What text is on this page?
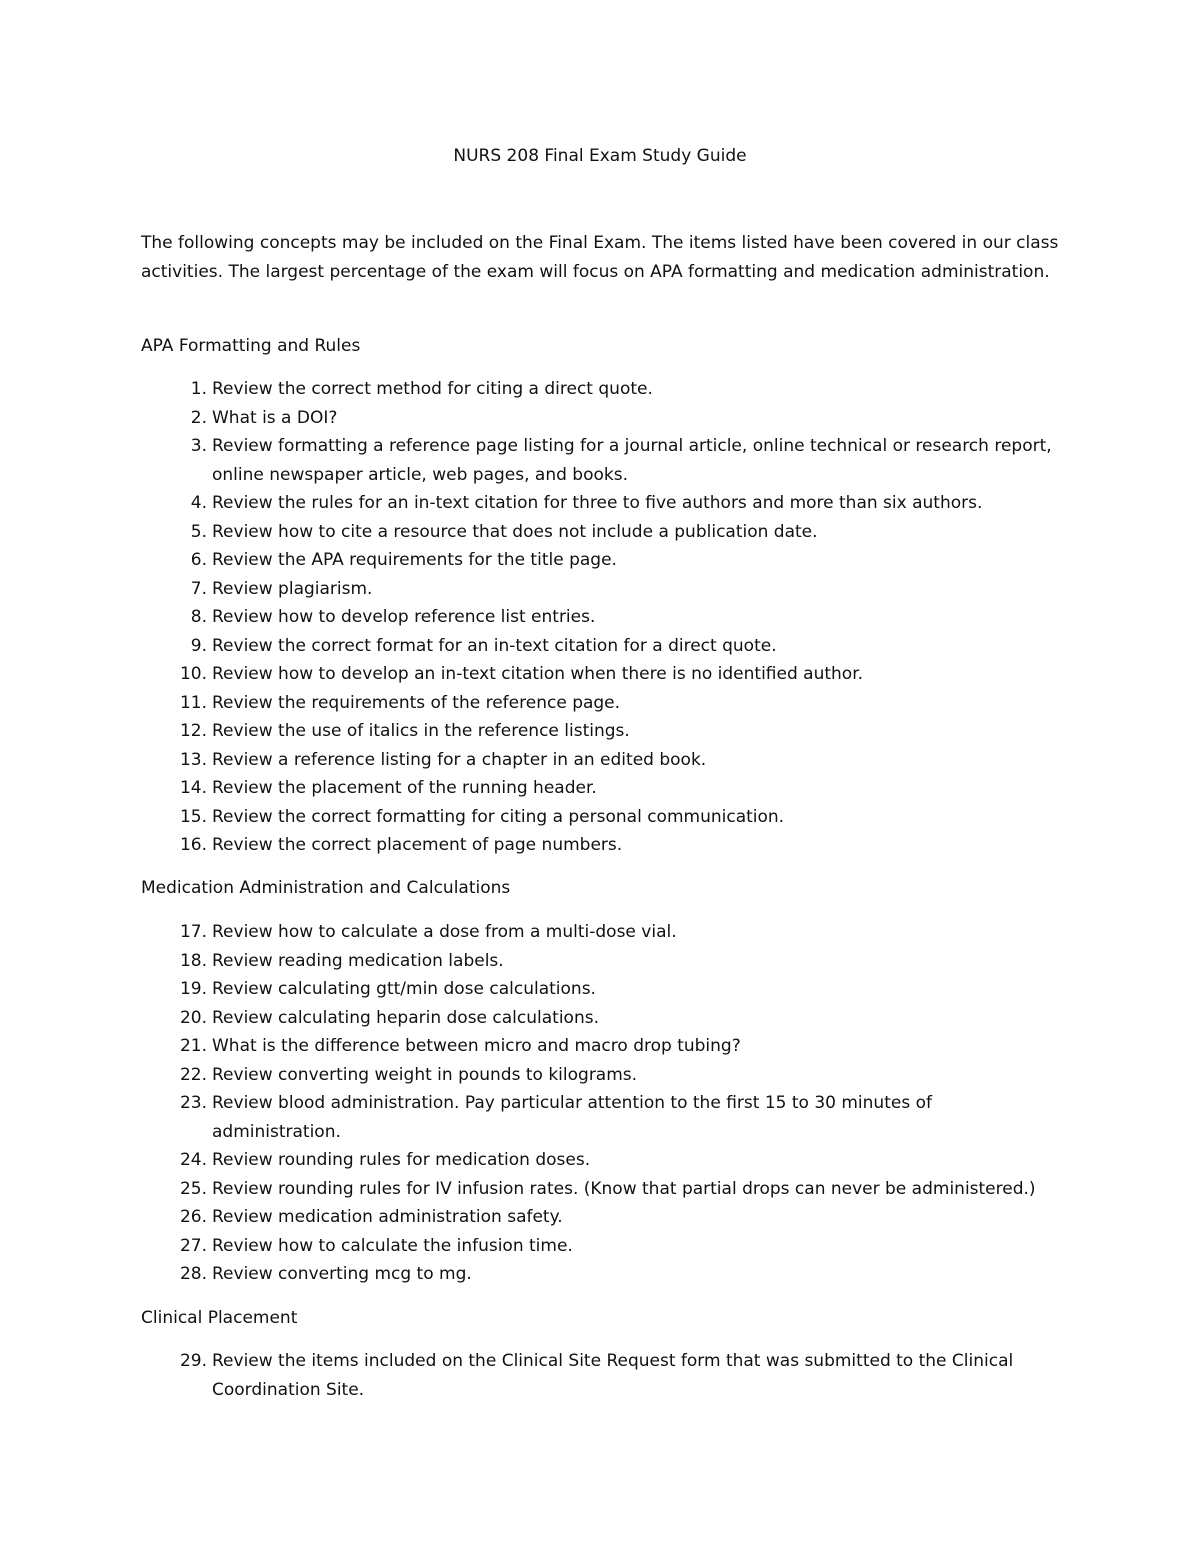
NURS 208 Final Exam Study Guide
The following concepts may be included on the Final Exam. The items listed have been covered in our class activities. The largest percentage of the exam will focus on APA formatting and medication administration.
APA Formatting and Rules
1. Review the correct method for citing a direct quote.
2. What is a DOI?
3. Review formatting a reference page listing for a journal article, online technical or research report, online newspaper article, web pages, and books.
4. Review the rules for an in-text citation for three to five authors and more than six authors.
5. Review how to cite a resource that does not include a publication date.
6. Review the APA requirements for the title page.
7. Review plagiarism.
8. Review how to develop reference list entries.
9. Review the correct format for an in-text citation for a direct quote.
10. Review how to develop an in-text citation when there is no identified author.
11. Review the requirements of the reference page.
12. Review the use of italics in the reference listings.
13. Review a reference listing for a chapter in an edited book.
14. Review the placement of the running header.
15. Review the correct formatting for citing a personal communication.
16. Review the correct placement of page numbers.
Medication Administration and Calculations
17. Review how to calculate a dose from a multi-dose vial.
18. Review reading medication labels.
19. Review calculating gtt/min dose calculations.
20. Review calculating heparin dose calculations.
21. What is the difference between micro and macro drop tubing?
22. Review converting weight in pounds to kilograms.
23. Review blood administration. Pay particular attention to the first 15 to 30 minutes of administration.
24. Review rounding rules for medication doses.
25. Review rounding rules for IV infusion rates. (Know that partial drops can never be administered.)
26. Review medication administration safety.
27. Review how to calculate the infusion time.
28. Review converting mcg to mg.
Clinical Placement
29. Review the items included on the Clinical Site Request form that was submitted to the Clinical Coordination Site.
